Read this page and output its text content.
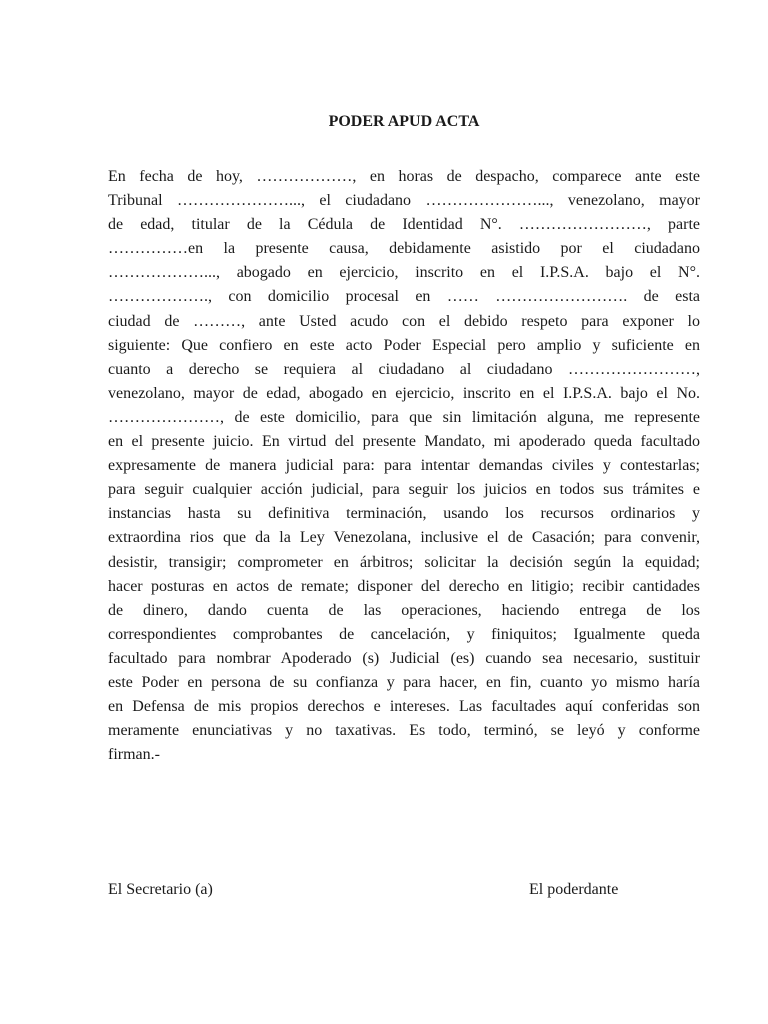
PODER APUD ACTA
En fecha de hoy, ………………, en horas de despacho, comparece ante este
Tribunal …………………..., el ciudadano …………………..., venezolano, mayor
de edad, titular de la Cédula de Identidad N°. ……………………, parte
……………en la presente causa, debidamente asistido por el ciudadano
………………..., abogado en ejercicio, inscrito en el I.P.S.A. bajo el N°.
………………., con domicilio procesal en …… ……………………. de esta
ciudad de ………, ante Usted acudo con el debido respeto para exponer lo
siguiente: Que confiero en este acto Poder Especial pero amplio y suficiente en
cuanto a derecho se requiera al ciudadano al ciudadano ……………………,
venezolano, mayor de edad, abogado en ejercicio, inscrito en el I.P.S.A. bajo el No.
…………………, de este domicilio, para que sin limitación alguna, me represente
en el presente juicio. En virtud del presente Mandato, mi apoderado queda facultado
expresamente de manera judicial para: para intentar demandas civiles y contestarlas;
para seguir cualquier acción judicial, para seguir los juicios en todos sus trámites e
instancias hasta su definitiva terminación, usando los recursos ordinarios y
extraordina rios que da la Ley Venezolana, inclusive el de Casación; para convenir,
desistir, transigir; comprometer en árbitros; solicitar la decisión según la equidad;
hacer posturas en actos de remate; disponer del derecho en litigio; recibir cantidades
de dinero, dando cuenta de las operaciones, haciendo entrega de los
correspondientes comprobantes de cancelación, y finiquitos; Igualmente queda
facultado para nombrar Apoderado (s) Judicial (es) cuando sea necesario, sustituir
este Poder en persona de su confianza y para hacer, en fin, cuanto yo mismo haría
en Defensa de mis propios derechos e intereses. Las facultades aquí conferidas son
meramente enunciativas y no taxativas. Es todo, terminó, se leyó y conforme
firman.-
El Secretario (a)	El poderdante
